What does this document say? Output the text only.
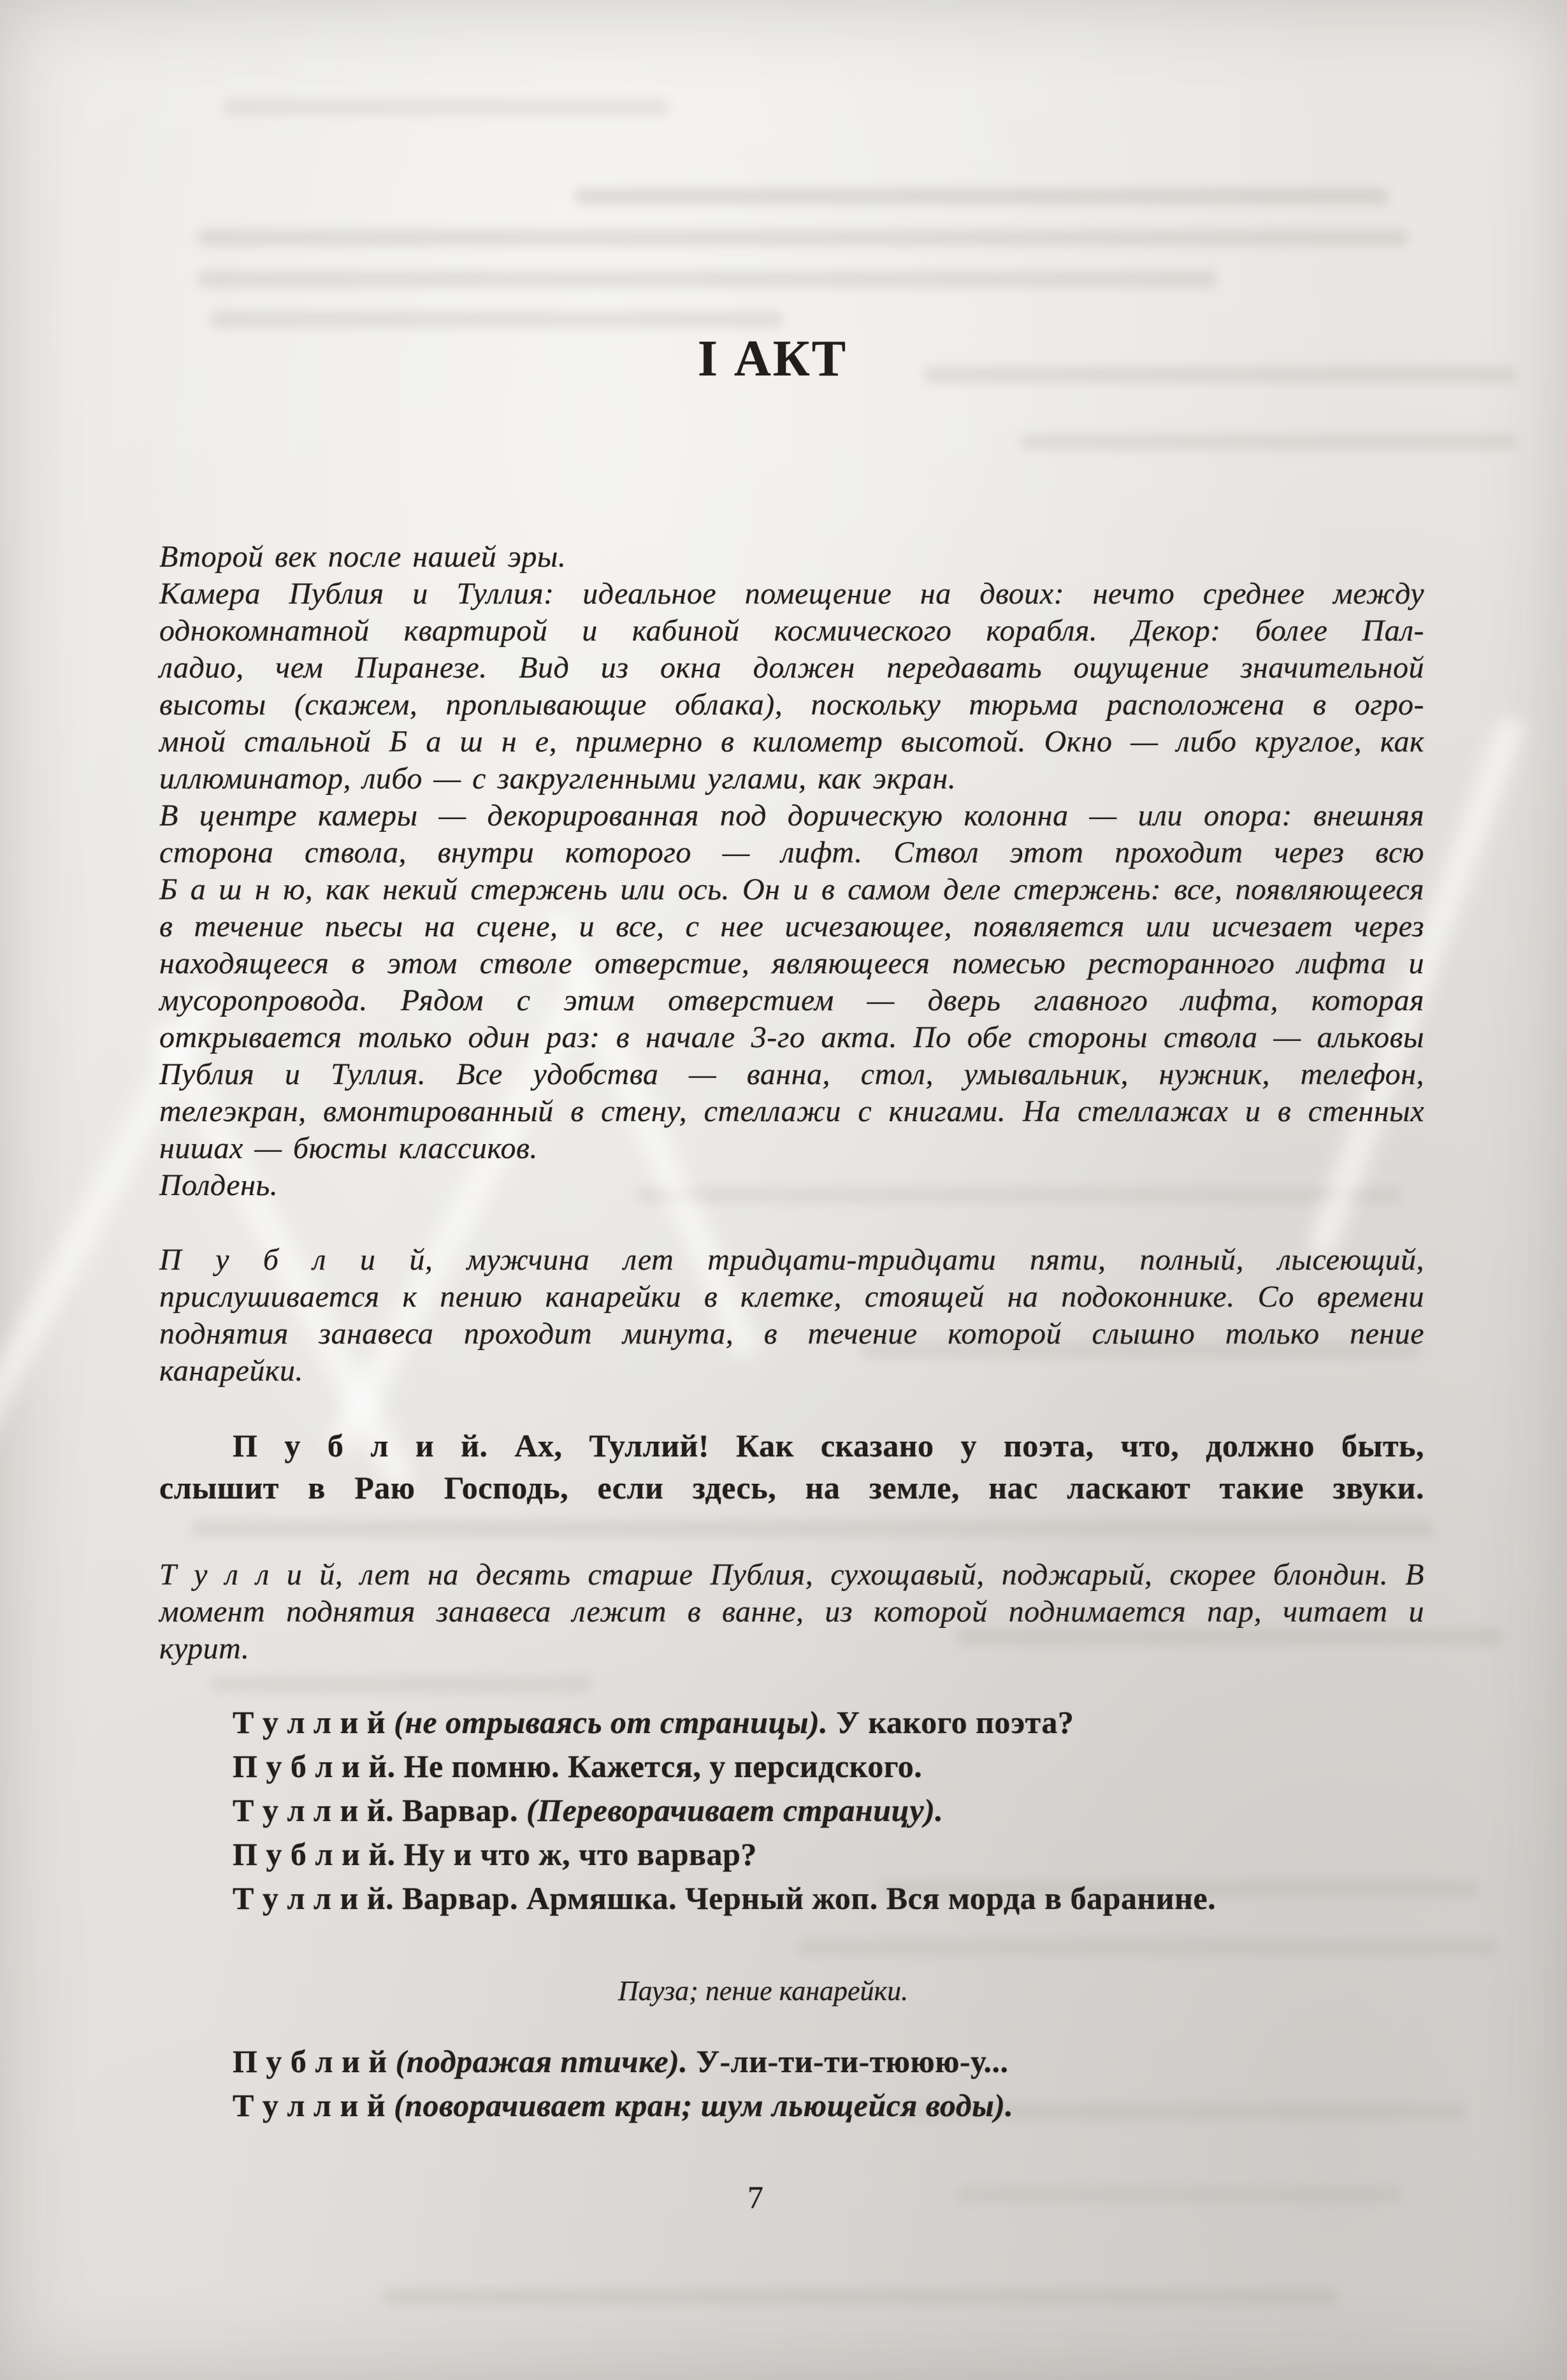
I АКТ
Второй век после нашей эры.
Камера Публия и Туллия: идеальное помещение на двоих: нечто среднее между
однокомнатной квартирой и кабиной космического корабля. Декор: более Пал-
ладио, чем Пиранезе. Вид из окна должен передавать ощущение значительной
высоты (скажем, проплывающие облака), поскольку тюрьма расположена в огро-
мной стальной Б а ш н е, примерно в километр высотой. Окно — либо круглое, как
иллюминатор, либо — с закругленными углами, как экран.
В центре камеры — декорированная под дорическую колонна — или опора: внешняя
сторона ствола, внутри которого — лифт. Ствол этот проходит через всю
Б а ш н ю, как некий стержень или ось. Он и в самом деле стержень: все, появляющееся
в течение пьесы на сцене, и все, с нее исчезающее, появляется или исчезает через
находящееся в этом стволе отверстие, являющееся помесью ресторанного лифта и
мусоропровода. Рядом с этим отверстием — дверь главного лифта, которая
открывается только один раз: в начале 3-го акта. По обе стороны ствола — альковы
Публия и Туллия. Все удобства — ванна, стол, умывальник, нужник, телефон,
телеэкран, вмонтированный в стену, стеллажи с книгами. На стеллажах и в стенных
нишах — бюсты классиков.
Полдень.
П у б л и й, мужчина лет тридцати-тридцати пяти, полный, лысеющий,
прислушивается к пению канарейки в клетке, стоящей на подоконнике. Со времени
поднятия занавеса проходит минута, в течение которой слышно только пение
канарейки.
П у б л и й. Ах, Туллий! Как сказано у поэта, что, должно быть,
слышит в Раю Господь, если здесь, на земле, нас ласкают такие звуки.
Т у л л и й, лет на десять старше Публия, сухощавый, поджарый, скорее блондин. В
момент поднятия занавеса лежит в ванне, из которой поднимается пар, читает и
курит.
Т у л л и й (не отрываясь от страницы). У какого поэта?
П у б л и й. Не помню. Кажется, у персидского.
Т у л л и й. Варвар. (Переворачивает страницу).
П у б л и й. Ну и что ж, что варвар?
Т у л л и й. Варвар. Армяшка. Черный жоп. Вся морда в баранине.
Пауза; пение канарейки.
П у б л и й (подражая птичке). У-ли-ти-ти-тююю-у...
Т у л л и й (поворачивает кран; шум льющейся воды).
7
